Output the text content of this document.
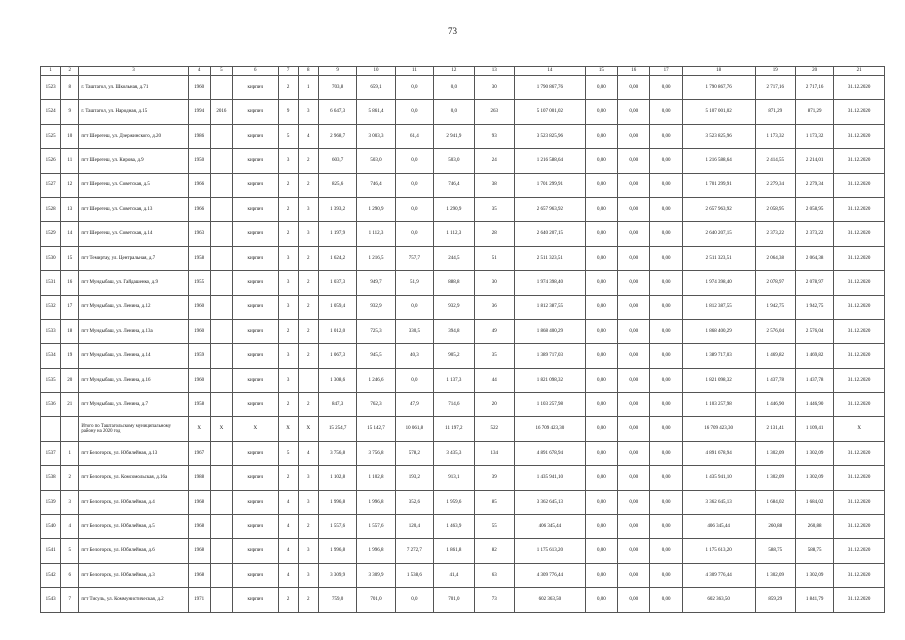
73
1	2	3	4	5	6	7	8	9	10	11	12	13	14	15	16	17	18	19	20	21
1523	8	г. Таштагол, ул. Школьная, д.71	1960		кирпич	2	1	703,8	659,1	0,0	0,0	30	1 790 867,76	0,00	0,00	0,00	1 790 867,76	2 717,16	2 717,16	31.12.2020
1524	9	г. Таштагол, ул. Народная, д.15	1994	2016	кирпич	9	3	6 647,3	5 861,4	0,0	0,0	263	5 107 001,02	0,00	0,00	0,00	5 107 001,02	871,29	871,29	31.12.2020
1525	10	пгт Шерегеш, ул. Дзержинского, д.20	1986		кирпич	5	4	2 968,7	3 003,3	61,4	2 941,9	93	3 523 825,96	0,00	0,00	0,00	3 523 825,96	1 173,32	1 173,32	31.12.2020
1526	11	пгт Шерегеш, ул. Кирова, д.9	1950		кирпич	3	2	603,7	503,0	0,0	503,0	24	1 216 588,64	0,00	0,00	0,00	1 216 588,64	2 414,55	2 214,01	31.12.2020
1527	12	пгт Шерегеш, ул. Советская, д.5	1966		кирпич	2	2	825,6	746,4	0,0	746,4	38	1 701 299,91	0,00	0,00	0,00	1 701 299,91	2 279,34	2 279,34	31.12.2020
1528	13	пгт Шерегеш, ул. Советская, д.13	1966		кирпич	2	3	1 393,2	1 290,9	0,0	1 290,9	35	2 657 963,92	0,00	0,00	0,00	2 657 963,92	2 058,95	2 058,95	31.12.2020
1529	14	пгт Шерегеш, ул. Советская, д.14	1963		кирпич	2	3	1 197,9	1 112,3	0,0	1 112,3	28	2 640 207,15	0,00	0,00	0,00	2 640 207,15	2 373,22	2 373,22	31.12.2020
1530	15	пгт Темиртау, ул. Центральная, д.7	1958		кирпич	3	2	1 624,2	1 216,5	757,7	244,5	51	2 511 323,51	0,00	0,00	0,00	2 511 323,51	2 064,38	2 064,38	31.12.2020
1531	16	пгт Мундыбаш, ул. Гайдашенко, д.9	1955		кирпич	3	2	1 037,3	949,7	51,9	888,8	30	1 974 398,40	0,00	0,00	0,00	1 974 398,40	2 078,97	2 078,97	31.12.2020
1532	17	пгт Мундыбаш, ул. Ленина, д.12	1960		кирпич	3	2	1 059,4	932,9	0,0	932,9	36	1 812 387,55	0,00	0,00	0,00	1 812 387,55	1 942,75	1 942,75	31.12.2020
1533	18	пгт Мундыбаш, ул. Ленина, д.13а	1960		кирпич	2	2	1 012,0	725,3	330,5	394,8	49	1 868 400,29	0,00	0,00	0,00	1 868 400,29	2 576,04	2 576,04	31.12.2020
1534	19	пгт Мундыбаш, ул. Ленина, д.14	1959		кирпич	3	2	1 067,3	945,5	40,3	905,2	35	1 389 717,03	0,00	0,00	0,00	1 389 717,03	1 469,82	1 469,82	31.12.2020
1535	20	пгт Мундыбаш, ул. Ленина, д.16	1960		кирпич	3		1 308,6	1 246,6	0,0	1 137,3	44	1 821 098,32	0,00	0,00	0,00	1 821 098,32	1 437,78	1 437,78	31.12.2020
1536	21	пгт Мундыбаш, ул. Ленина, д.7	1958		кирпич	2	2	847,3	762,3	47,9	714,6	20	1 103 257,98	0,00	0,00	0,00	1 103 257,98	1 446,90	1 446,90	31.12.2020
		Итого по Таштагольскому муниципальному району на 2020 год	Х	Х	Х	Х	Х	15 254,7	15 142,7	10 061,8	11 197,2	522	16 709 423,30	0,00	0,00	0,00	16 709 423,30	2 131,41	1 109,41	Х
1537	1	пгт Белогорск, ул. Юбилейная, д.13	1967		кирпич	5	4	3 756,8	3 756,8	578,2	3 435,3	134	4 891 678,94	0,00	0,00	0,00	4 891 678,94	1 302,09	1 302,09	31.12.2020
1538	2	пгт Белогорск, ул. Комсомольская, д.16а	1988		кирпич	2	3	1 102,8	1 102,8	193,2	913,1	39	1 435 941,10	0,00	0,00	0,00	1 435 941,10	1 302,09	1 302,09	31.12.2020
1539	3	пгт Белогорск, ул. Юбилейная, д.4	1968		кирпич	4	3	1 996,8	1 996,8	352,6	1 959,6	85	3 362 645,13	0,00	0,00	0,00	3 362 645,13	1 684,02	1 684,02	31.12.2020
1540	4	пгт Белогорск, ул. Юбилейная, д.5	1968		кирпич	4	2	1 557,6	1 557,6	120,4	1 463,9	55	406 345,44	0,00	0,00	0,00	406 345,44	260,88	260,88	31.12.2020
1541	5	пгт Белогорск, ул. Юбилейная, д.6	1968		кирпич	4	3	1 996,8	1 996,8	7 272,7	1 861,8	82	1 175 613,20	0,00	0,00	0,00	1 175 613,20	588,75	588,75	31.12.2020
1542	6	пгт Белогорск, ул. Юбилейная, д.3	1968		кирпич	4	3	3 309,9	3 309,9	1 538,6	41,4	63	4 309 776,44	0,00	0,00	0,00	4 309 776,44	1 302,09	1 302,09	31.12.2020
1543	7	пгт Тисуль, ул. Коммунистическая, д.2	1971		кирпич	2	2	759,0	701,0	0,0	701,0	73	602 363,50	0,00	0,00	0,00	602 363,50	859,29	1 841,79	31.12.2020
